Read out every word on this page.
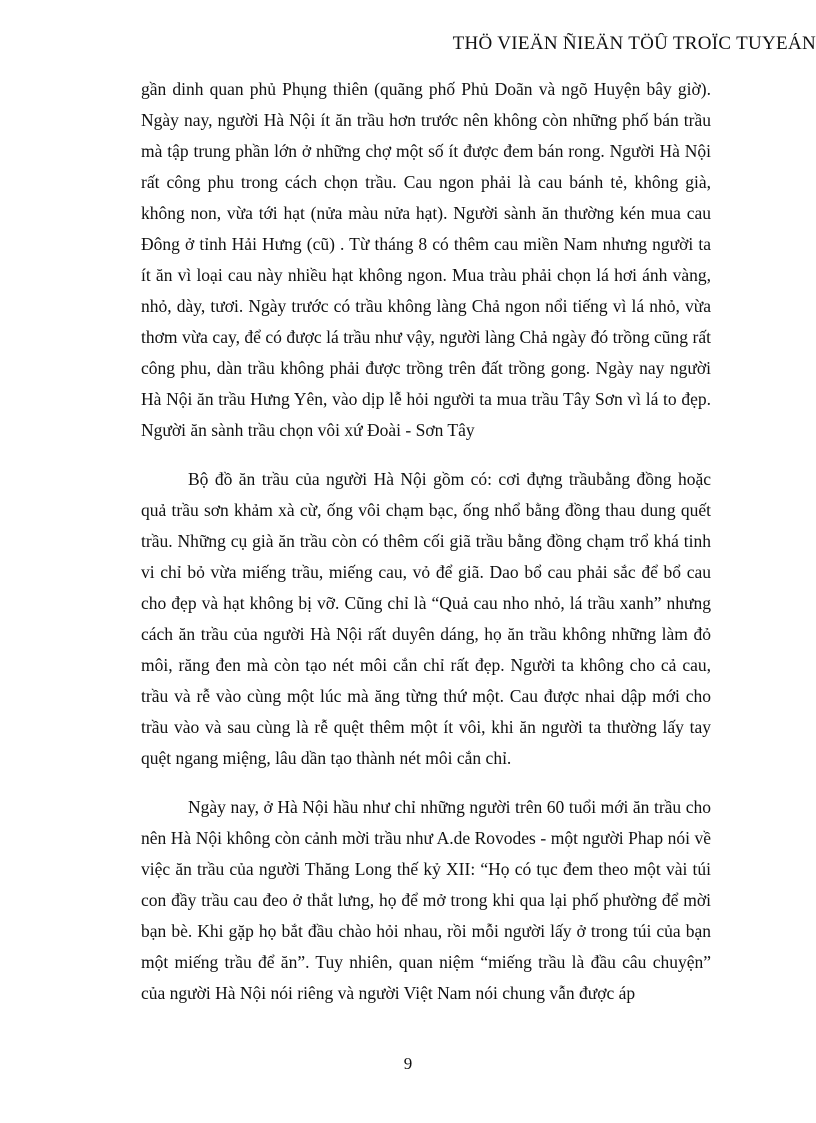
THÖ VIEÄN ÑIEÄN TÖÛ TROÏC TUYEÁN

gần dinh quan phủ Phụng thiên (quãng phố Phủ Doãn và ngõ Huyện bây giờ). Ngày nay, người Hà Nội ít ăn trầu hơn trước nên không còn những phố bán trầu mà tập trung phần lớn ở những chợ một số ít được đem bán rong. Người Hà Nội rất công phu trong cách chọn trầu. Cau ngon phải là cau bánh tẻ, không già, không non, vừa tới hạt (nửa màu nửa hạt). Người sành ăn thường kén mua cau Đông ở tỉnh Hải Hưng (cũ) . Từ tháng 8 có thêm cau miền Nam nhưng người ta ít ăn vì loại cau này nhiều hạt không ngon. Mua tràu phải chọn lá hơi ánh vàng, nhỏ, dày, tươi. Ngày trước có trầu không làng Chả ngon nổi tiếng vì lá nhỏ, vừa thơm vừa cay, để có được lá trầu như vậy, người làng Chả ngày đó trồng cũng rất công phu, dàn trầu không phải được trồng trên đất trồng gong. Ngày nay người Hà Nội ăn trầu Hưng Yên, vào dịp lễ hỏi người ta mua trầu Tây Sơn vì lá to đẹp. Người ăn sành trầu chọn vôi xứ Đoài - Sơn Tây

Bộ đồ ăn trầu của người Hà Nội gồm có: cơi đựng trầubằng đồng hoặc quả trầu sơn khảm xà cừ, ống vôi chạm bạc, ống nhổ bằng đồng thau dung quết trầu. Những cụ già ăn trầu còn có thêm cối giã trầu bằng đồng chạm trổ khá tinh vi chỉ bỏ vừa miếng trầu, miếng cau, vỏ để giã. Dao bổ cau phải sắc để bổ cau cho đẹp và hạt không bị vỡ. Cũng chỉ là “Quả cau nho nhỏ, lá trầu xanh” nhưng cách ăn trầu của người Hà Nội rất duyên dáng, họ ăn trầu không những làm đỏ môi, răng đen mà còn tạo nét môi cắn chỉ rất đẹp. Người ta không cho cả cau, trầu và rễ vào cùng một lúc mà ăng từng thứ một. Cau được nhai dập mới cho trầu vào và sau cùng là rễ quệt thêm một ít vôi, khi ăn người ta thường lấy tay quệt ngang miệng, lâu dần tạo thành nét môi cắn chỉ.

Ngày nay, ở Hà Nội hầu như chỉ những người trên 60 tuổi mới ăn trầu cho nên Hà Nội không còn cảnh mời trầu như A.de Rovodes - một người Phap nói về việc ăn trầu của người Thăng Long thế kỷ XII: “Họ có tục đem theo một vài túi con đầy trầu cau đeo ở thắt lưng, họ để mở trong khi qua lại phố phường để mời bạn bè. Khi gặp họ bắt đầu chào hỏi nhau, rồi mỗi người lấy ở trong túi của bạn một miếng trầu để ăn”. Tuy nhiên, quan niệm “miếng trầu là đầu câu chuyện” của người Hà Nội nói riêng và người Việt Nam nói chung vẫn được áp

9
